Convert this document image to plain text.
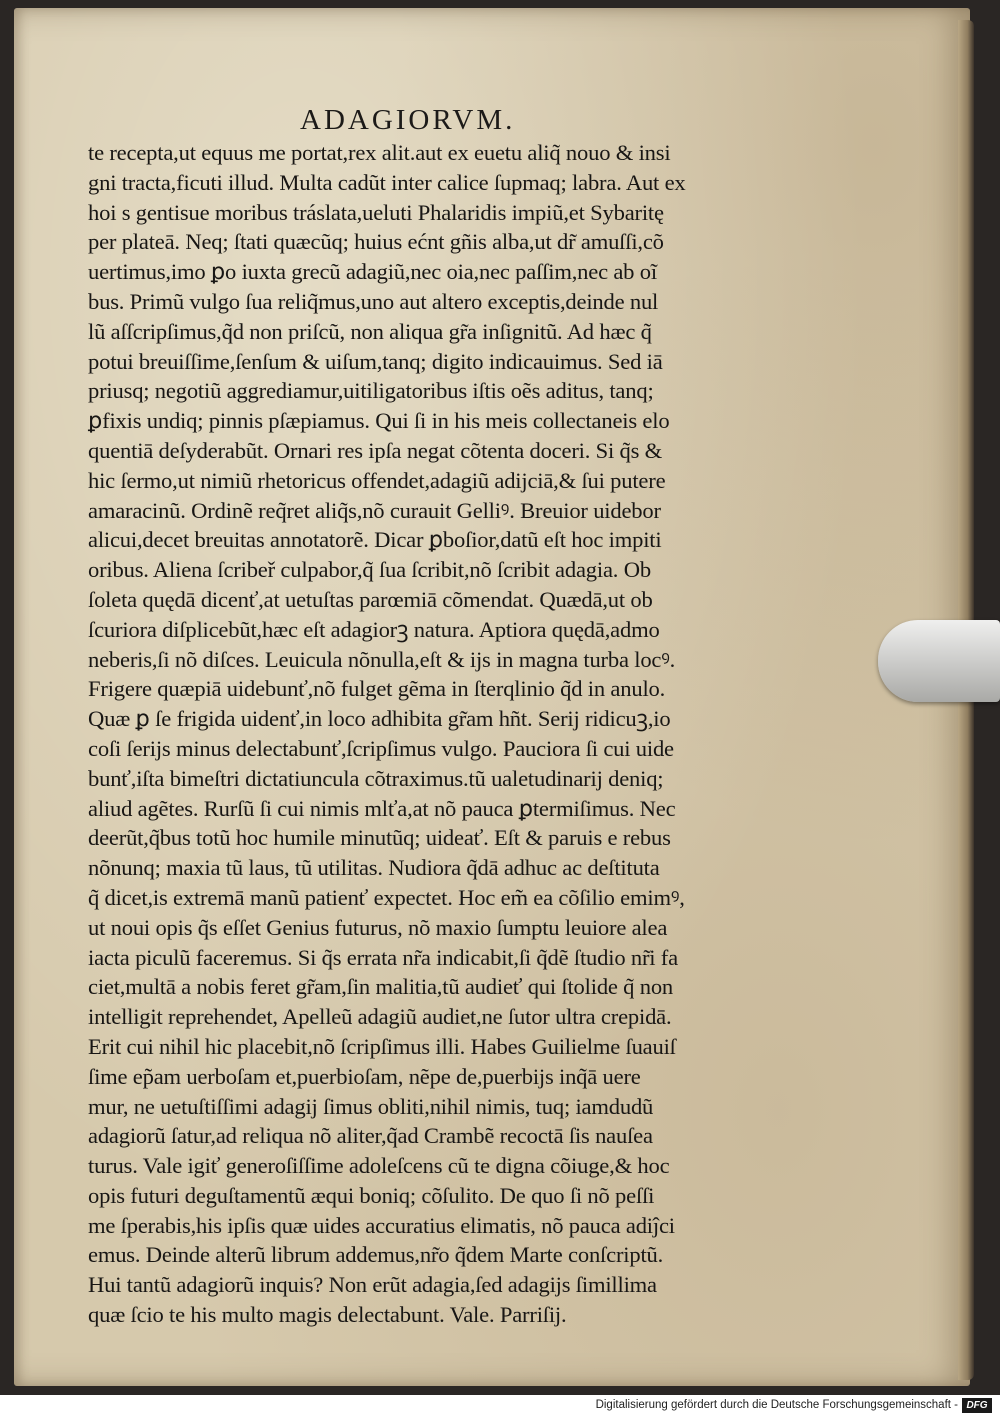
ADAGIORVM.
te recepta,ut equus me portat,rex alit.aut ex euetu aliq̃ nouo & insi
gni tracta,ficuti illud. Multa cadũt inter calice ſupmaq; labra. Aut ex
hoi s gentisue moribus tráslata,ueluti Phalaridis impiũ,et Sybaritę
per plateā. Neq; ſtati quæcũq; huius ećnt gñis alba,ut dr̃ amuſſi,cõ
uertimus,imo ꝑo iuxta grecũ adagiũ,nec oia,nec paſſim,nec ab oĩ
bus. Primũ vulgo ſua reliq̃mus,uno aut altero exceptis,deinde nul
lũ aſſcripſimus,q̃d non priſcũ, non aliqua gr̃a inſignitũ. Ad hæc q̃
potui breuiſſime,ſenſum & uiſum,tanq; digito indicauimus. Sed iā
priusq; negotiũ aggrediamur,uitiligatoribus iſtis oẽs aditus, tanq;
ꝑfixis undiq; pinnis pſæpiamus. Qui ſi in his meis collectaneis elo
quentiā deſyderabũt. Ornari res ipſa negat cõtenta doceri. Si q̃s &
hic ſermo,ut nimiũ rhetoricus offendet,adagiũ adijciā,& ſui putere
amaracinũ. Ordinẽ req̃ret aliq̃s,nõ curauit Gelliꝰ. Breuior uidebor
alicui,decet breuitas annotatorẽ. Dicar ꝑboſior,datũ eſt hoc impiti
oribus. Aliena ſcribeř culpabor,q̃ ſua ſcribit,nõ ſcribit adagia. Ob
ſoleta quędā dicenť,at uetuſtas parœmiā cõmendat. Quædā,ut ob
ſcuriora diſplicebũt,hæc eſt adagiorꝫ natura. Aptiora quędā,admo
neberis,ſi nõ diſces. Leuicula nõnulla,eſt & ijs in magna turba locꝰ.
Frigere quæpiā uidebunť,nõ fulget gẽma in ſterqlinio q̃d in anulo.
Quæ ꝑ ſe frigida uidenť,in loco adhibita gr̃am hñt. Serij ridicuꝫ,io
coſi ſerijs minus delectabunť,ſcripſimus vulgo. Pauciora ſi cui uide
bunť,iſta bimeſtri dictatiuncula cõtraximus.tũ ualetudinarij deniq;
aliud agẽtes. Rurſũ ſi cui nimis mlťa,at nõ pauca ꝑtermiſimus. Nec
deerũt,q̃bus totũ hoc humile minutũq; uideať. Eſt & paruis e rebus
nõnunq; maxia tũ laus, tũ utilitas. Nudiora q̃dā adhuc ac deſtituta
q̃ dicet,is extremā manũ patienť expectet. Hoc em̃ ea cõſilio emimꝰ,
ut noui opis q̃s eſſet Genius futurus, nõ maxio ſumptu leuiore alea
iacta piculũ faceremus. Si q̃s errata nr̃a indicabit,ſi q̃dẽ ſtudio nr̃i fa
ciet,multā a nobis feret gr̃am,ſin malitia,tũ audieť qui ſtolide q̃ non
intelligit reprehendet, Apelleũ adagiũ audiet,ne ſutor ultra crepidā.
Erit cui nihil hic placebit,nõ ſcripſimus illi. Habes Guilielme ſuauiſ
ſime ep̃am uerboſam et,puerbioſam, nẽpe de,puerbijs inq̃ā uere
mur, ne uetuſtiſſimi adagij ſimus obliti,nihil nimis, tuq; iamdudũ
adagiorũ ſatur,ad reliqua nõ aliter,q̃ad Crambẽ recoctā ſis nauſea
turus. Vale igiť generoſiſſime adoleſcens cũ te digna cõiuge,& hoc
opis futuri deguſtamentũ æqui boniq; cõſulito. De quo ſi nõ peſſi
me ſperabis,his ipſis quæ uides accuratius elimatis, nõ pauca adiĵci
emus. Deinde alterũ librum addemus,nr̃o q̃dem Marte conſcriptũ.
Hui tantũ adagiorũ inquis? Non erũt adagia,ſed adagijs ſimillima
quæ ſcio te his multo magis delectabunt. Vale. Parriſij.
Digitalisierung gefördert durch die Deutsche Forschungsgemeinschaft - DFG
